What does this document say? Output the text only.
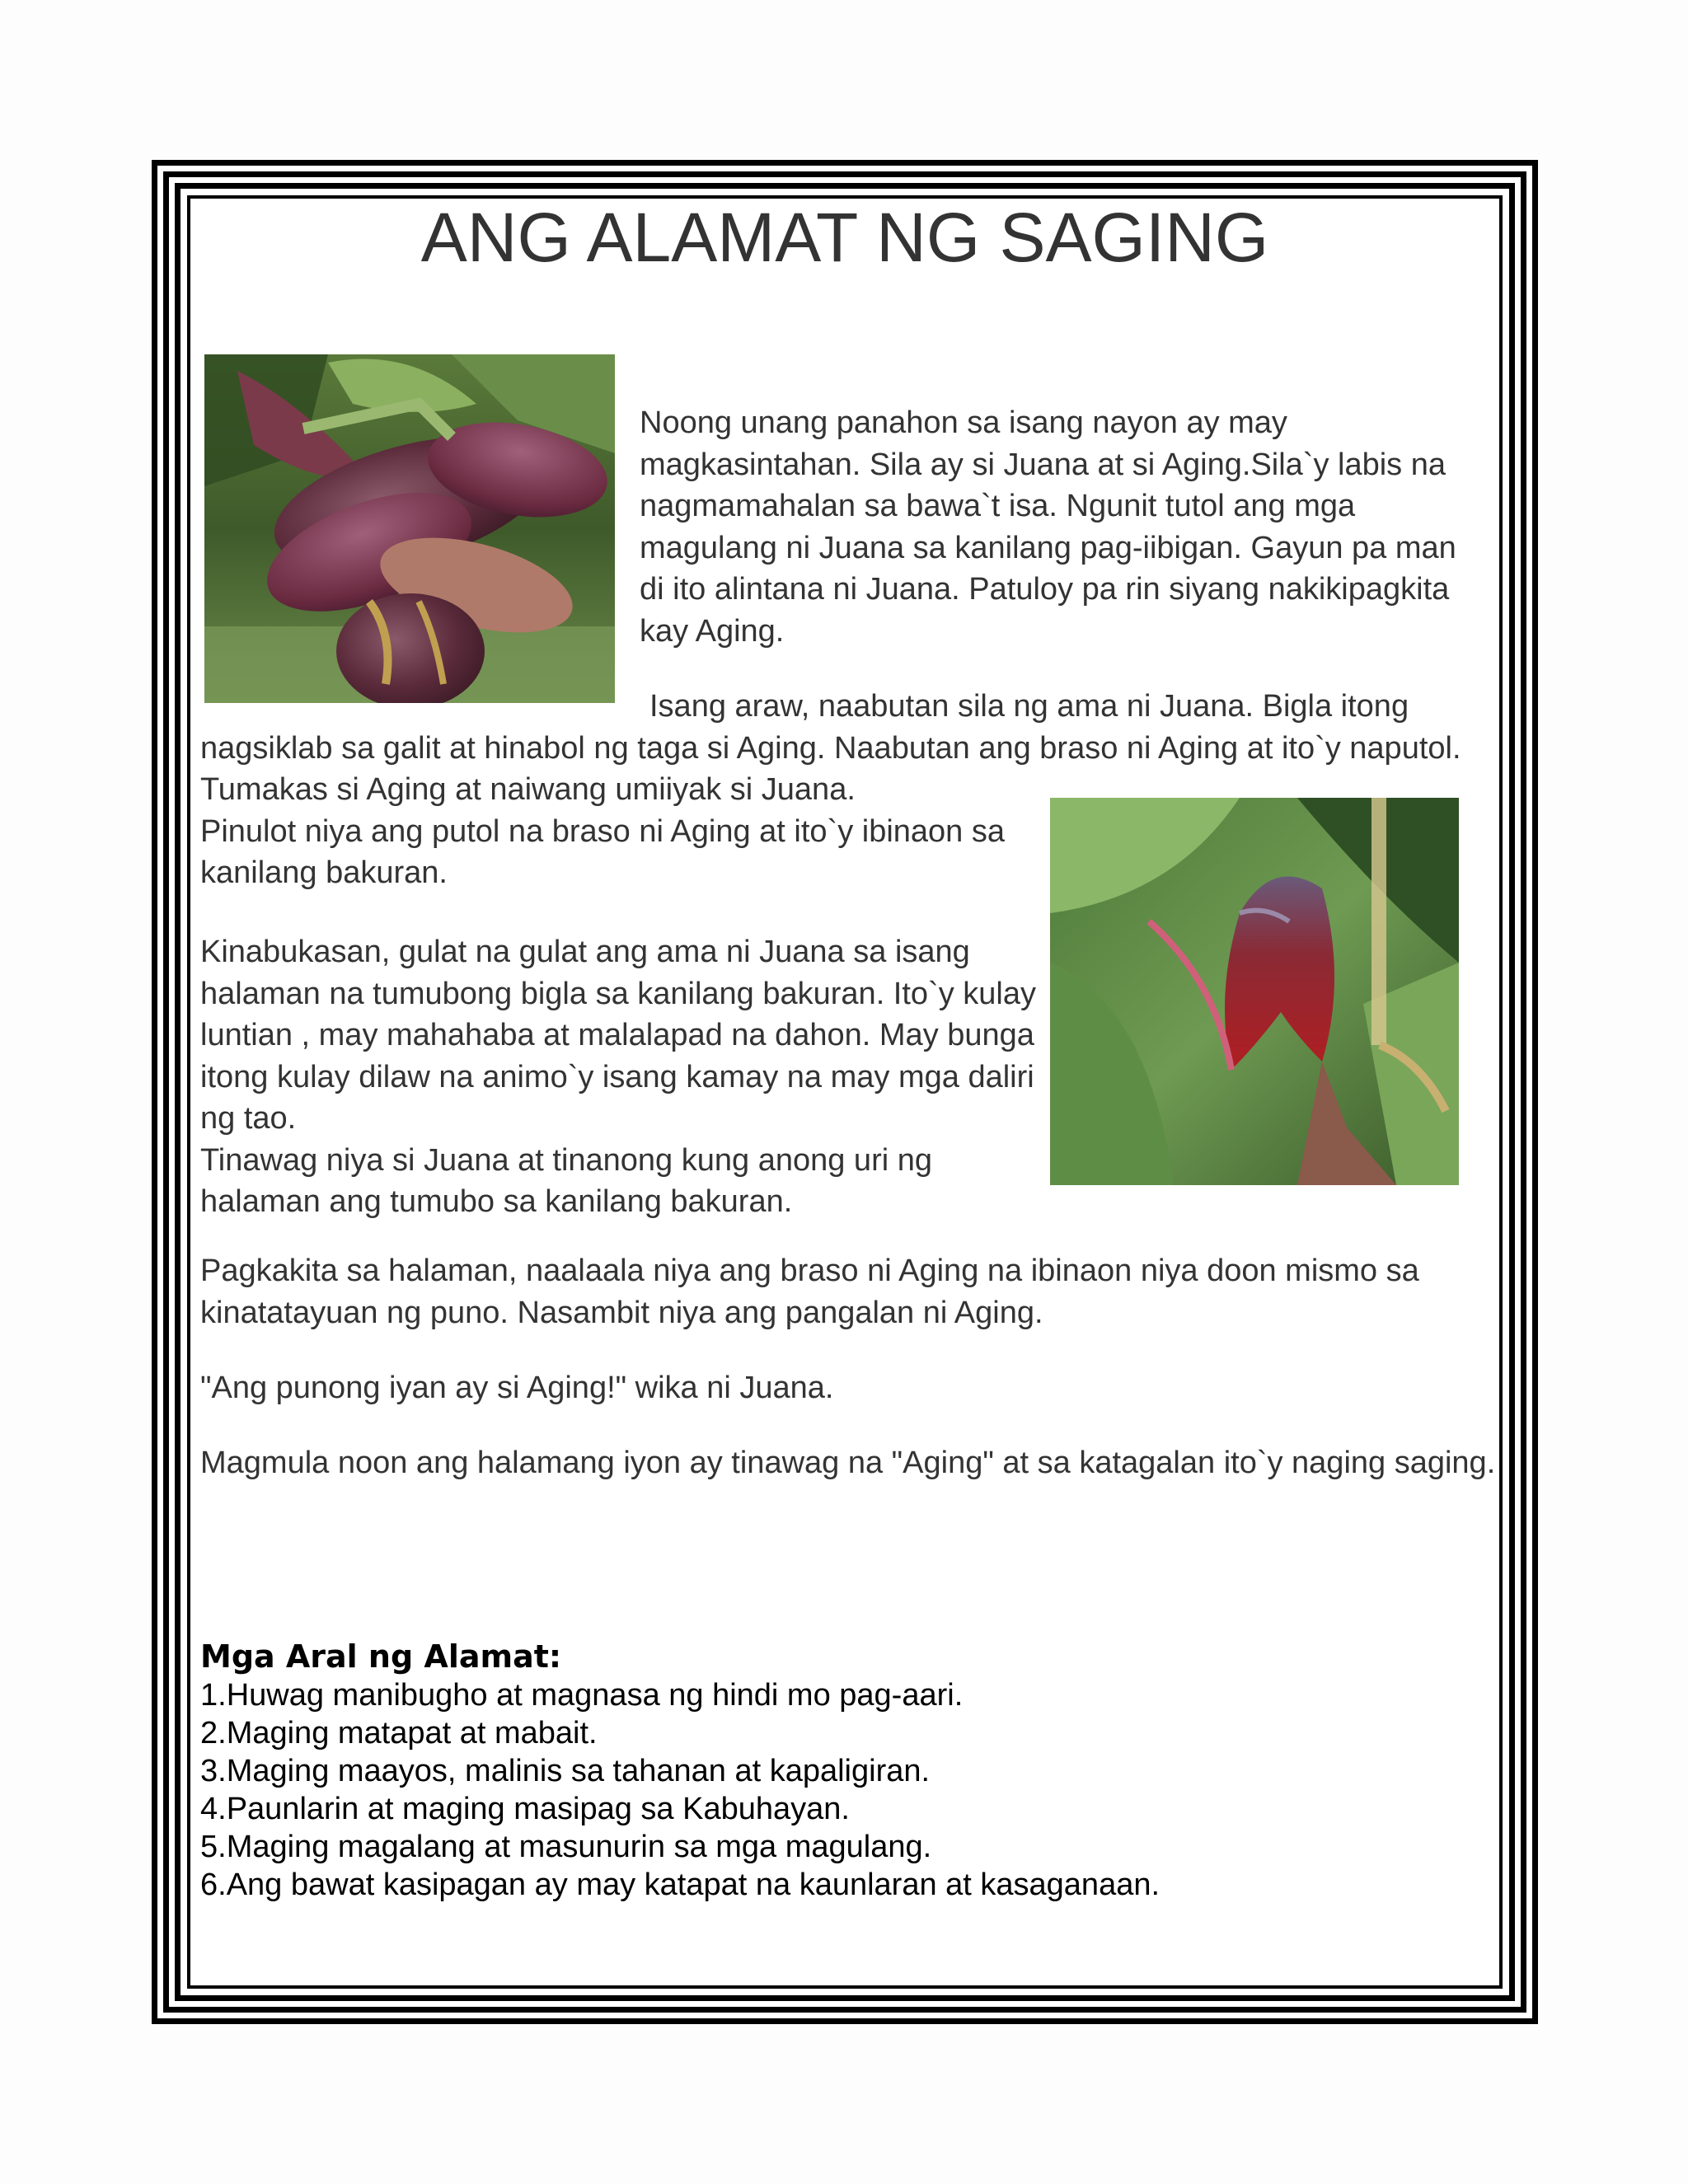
ANG ALAMAT NG SAGING

Noong unang panahon sa isang nayon ay may magkasintahan. Sila ay si Juana at si Aging.Sila`y labis na nagmamahalan sa bawa`t isa. Ngunit tutol ang mga magulang ni Juana sa kanilang pag-iibigan. Gayun pa man di ito alintana ni Juana. Patuloy pa rin siyang nakikipagkita kay Aging.

Isang araw, naabutan sila ng ama ni Juana. Bigla itong nagsiklab sa galit at hinabol ng taga si Aging. Naabutan ang braso ni Aging at ito`y naputol. Tumakas si Aging at naiwang umiiyak si Juana.
Pinulot niya ang putol na braso ni Aging at ito`y ibinaon sa kanilang bakuran.

Kinabukasan, gulat na gulat ang ama ni Juana sa isang halaman na tumubong bigla sa kanilang bakuran. Ito`y kulay luntian , may mahahaba at malalapad na dahon. May bunga itong kulay dilaw na animo`y isang kamay na may mga daliri ng tao.
Tinawag niya si Juana at tinanong kung anong uri ng halaman ang tumubo sa kanilang bakuran.

Pagkakita sa halaman, naalaala niya ang braso ni Aging na ibinaon niya doon mismo sa kinatatayuan ng puno. Nasambit niya ang pangalan ni Aging.

"Ang punong iyan ay si Aging!" wika ni Juana.

Magmula noon ang halamang iyon ay tinawag na "Aging" at sa katagalan ito`y naging saging.

Mga Aral ng Alamat:
1.Huwag manibugho at magnasa ng hindi mo pag-aari.
2.Maging matapat at mabait.
3.Maging maayos, malinis sa tahanan at kapaligiran.
4.Paunlarin at maging masipag sa Kabuhayan.
5.Maging magalang at masunurin sa mga magulang.
6.Ang bawat kasipagan ay may katapat na kaunlaran at kasaganaan.
